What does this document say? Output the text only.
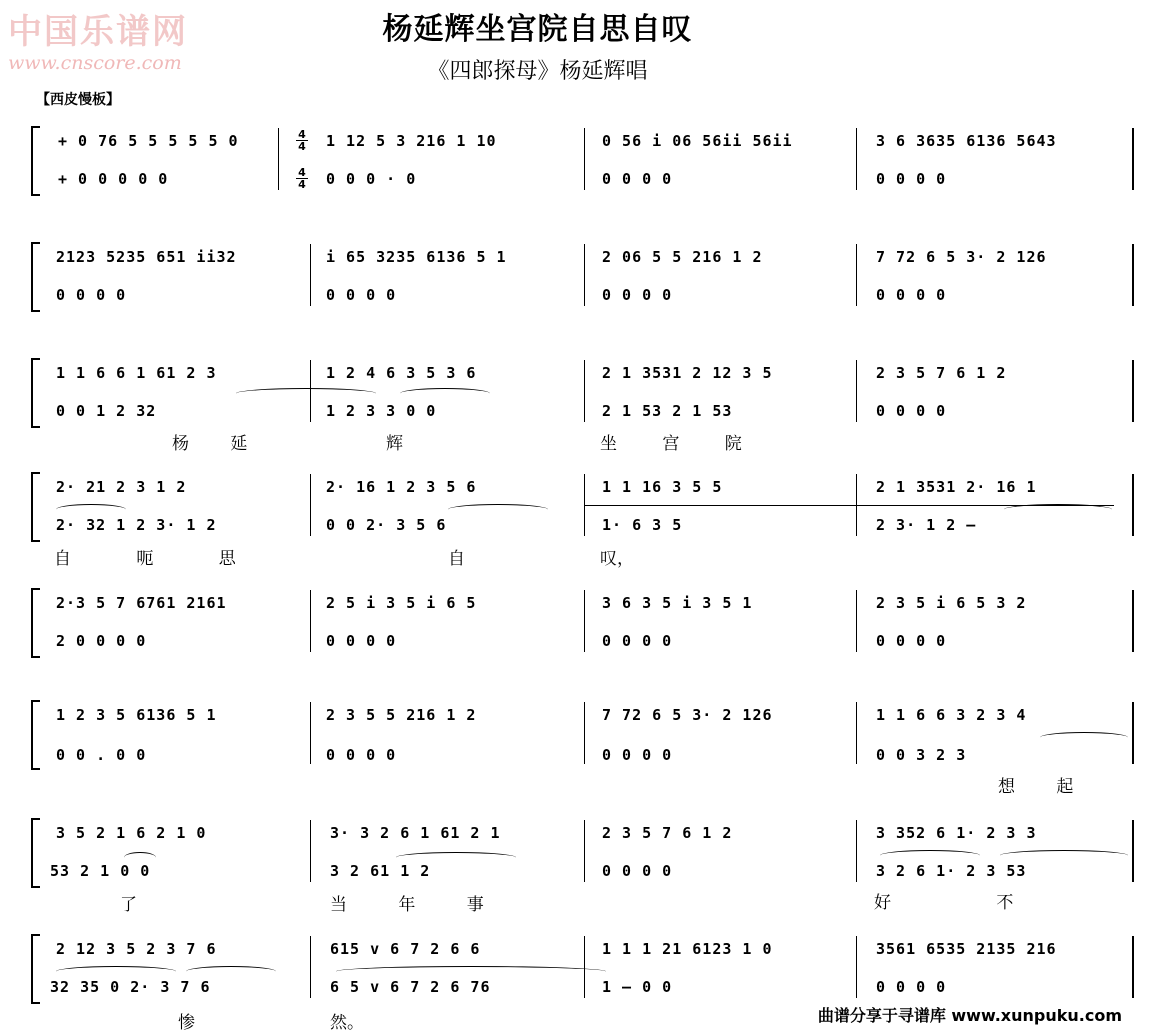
中国乐谱网
www.cnscore.com
杨延辉坐宫院自思自叹
《四郎探母》杨延辉唱
【西皮慢板】
4
4
4
4
+ 0 76 5 5 5 5 5 0	1 12 5 3 216 1 10	0 56 i 06 56ii 56ii	3 6 3635 6136 5643
+ 0 0 0 0 0	0 0 0 · 0	0 0 0 0	0 0 0 0
2123 5235 651 ii32	i 65 3235 6136 5 1	2 06 5 5 216 1 2	7 72 6 5 3· 2 126
0 0 0 0	0 0 0 0	0 0 0 0	0 0 0 0
1 1 6 6 1 61 2 3	1 2 4 6 3 5 3 6	2 1 3531 2 12 3 5	2 3 5 7 6 1 2
0 0 1 2 32	1 2 3 3 0 0	2 1 53 2 1 53	0 0 0 0
杨 延	辉	坐 宫 院
2· 21 2 3 1 2	2· 16 1 2 3 5 6	1 1 16 3 5 5	2 1 3531 2· 16 1
2· 32 1 2 3· 1 2	0 0 2· 3 5 6	1· 6 3 5	2 3· 1 2 —
自 呃 思	自	叹，
2·3 5 7 6761 2161	2 5 i 3 5 i 6 5	3 6 3 5 i 3 5 1	2 3 5 i 6 5 3 2
2 0 0 0 0	0 0 0 0	0 0 0 0	0 0 0 0
1 2 3 5 6136 5 1	2 3 5 5 216 1 2	7 72 6 5 3· 2 126	1 1 6 6 3 2 3 4
0 0 . 0 0	0 0 0 0	0 0 0 0	0 0 3 2 3
想 起
3 5 2 1 6 2 1 0	3· 3 2 6 1 61 2 1	2 3 5 7 6 1 2	3 352 6 1· 2 3 3
53 2 1 0 0	3 2 61 1 2	0 0 0 0	3 2 6 1· 2 3 53
了	当 年 事	好 不
2 12 3 5 2 3 7 6	615 v 6 7 2 6 6	1 1 1 21 6123 1 0	3561 6535 2135 216
32 35 0 2· 3 7 6	6 5 v 6 7 2 6 76	1 — 0 0	0 0 0 0
惨	然。	曲谱分享于寻谱库 www.xunpuku.com
